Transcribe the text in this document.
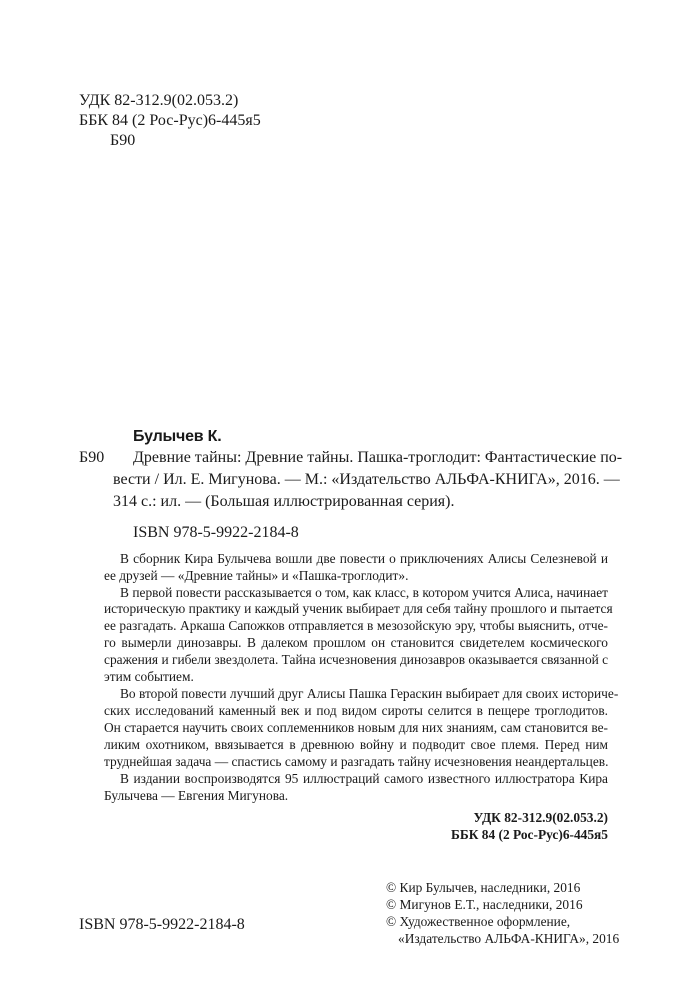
УДК 82-312.9(02.053.2)
ББК 84 (2 Рос-Рус)6-445я5
Б90
Булычев К.
Б90 Древние тайны: Древние тайны. Пашка-троглодит: Фантастические по-
вести / Ил. Е. Мигунова. — М.: «Издательство АЛЬФА-КНИГА», 2016. —
314 с.: ил. — (Большая иллюстрированная серия).
ISBN 978-5-9922-2184-8
В сборник Кира Булычева вошли две повести о приключениях Алисы Селезневой и
ее друзей — «Древние тайны» и «Пашка-троглодит».
В первой повести рассказывается о том, как класс, в котором учится Алиса, начинает
историческую практику и каждый ученик выбирает для себя тайну прошлого и пытается
ее разгадать. Аркаша Сапожков отправляется в мезозойскую эру, чтобы выяснить, отче-
го вымерли динозавры. В далеком прошлом он становится свидетелем космического
сражения и гибели звездолета. Тайна исчезновения динозавров оказывается связанной с
этим событием.
Во второй повести лучший друг Алисы Пашка Гераскин выбирает для своих историче-
ских исследований каменный век и под видом сироты селится в пещере троглодитов.
Он старается научить своих соплеменников новым для них знаниям, сам становится ве-
ликим охотником, ввязывается в древнюю войну и подводит свое племя. Перед ним
труднейшая задача — спастись самому и разгадать тайну исчезновения неандертальцев.
В издании воспроизводятся 95 иллюстраций самого известного иллюстратора Кира
Булычева — Евгения Мигунова.
УДК 82-312.9(02.053.2)
ББК 84 (2 Рос-Рус)6-445я5
© Кир Булычев, наследники, 2016
© Мигунов Е.Т., наследники, 2016
© Художественное оформление,
«Издательство АЛЬФА-КНИГА», 2016
ISBN 978-5-9922-2184-8
